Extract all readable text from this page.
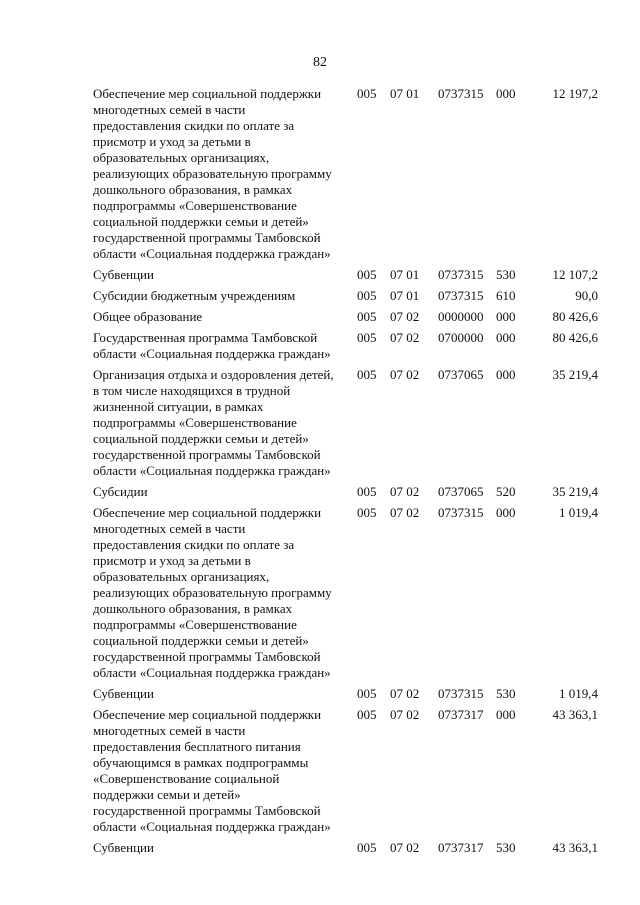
82
Обеспечение мер социальной поддержки
многодетных семей в части
предоставления скидки по оплате за
присмотр и уход за детьми в
образовательных организациях,
реализующих образовательную программу
дошкольного образования, в рамках
подпрограммы «Совершенствование
социальной поддержки семьи и детей»
государственной программы Тамбовской
области «Социальная поддержка граждан»
005 07 01 0737315 000	12 197,2
Субвенции	005 07 01 0737315 530	12 107,2
Субсидии бюджетным учреждениям	005 07 01 0737315 610	90,0
Общее образование	005 07 02 0000000 000	80 426,6
Государственная программа Тамбовской
области «Социальная поддержка граждан»
005 07 02 0700000 000	80 426,6
Организация отдыха и оздоровления детей,
в том числе находящихся в трудной
жизненной ситуации, в рамках
подпрограммы «Совершенствование
социальной поддержки семьи и детей»
государственной программы Тамбовской
области «Социальная поддержка граждан»
005 07 02 0737065 000	35 219,4
Субсидии	005 07 02 0737065 520	35 219,4
Обеспечение мер социальной поддержки
многодетных семей в части
предоставления скидки по оплате за
присмотр и уход за детьми в
образовательных организациях,
реализующих образовательную программу
дошкольного образования, в рамках
подпрограммы «Совершенствование
социальной поддержки семьи и детей»
государственной программы Тамбовской
области «Социальная поддержка граждан»
005 07 02 0737315 000	1 019,4
Субвенции	005 07 02 0737315 530	1 019,4
Обеспечение мер социальной поддержки
многодетных семей в части
предоставления бесплатного питания
обучающимся в рамках подпрограммы
«Совершенствование социальной
поддержки семьи и детей»
государственной программы Тамбовской
области «Социальная поддержка граждан»
005 07 02 0737317 000	43 363,1
Субвенции	005 07 02 0737317 530	43 363,1
